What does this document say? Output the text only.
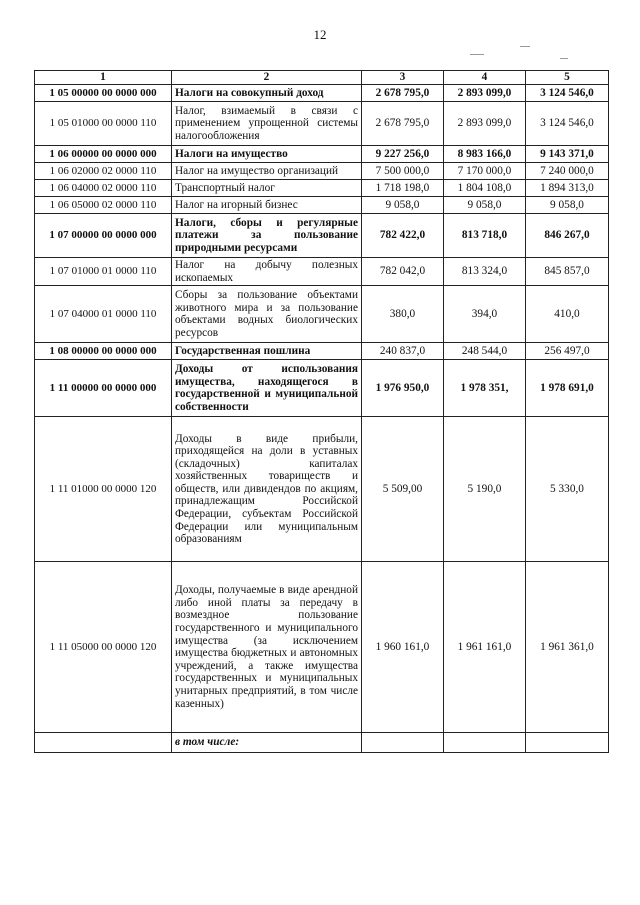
12
1	2	3	4	5
1 05 00000 00 0000 000	Налоги на совокупный доход	2 678 795,0	2 893 099,0	3 124 546,0
1 05 01000 00 0000 110	Налог, взимаемый в связи с применением упрощенной системы налогообложения	2 678 795,0	2 893 099,0	3 124 546,0
1 06 00000 00 0000 000	Налоги на имущество	9 227 256,0	8 983 166,0	9 143 371,0
1 06 02000 02 0000 110	Налог на имущество организаций	7 500 000,0	7 170 000,0	7 240 000,0
1 06 04000 02 0000 110	Транспортный налог	1 718 198,0	1 804 108,0	1 894 313,0
1 06 05000 02 0000 110	Налог на игорный бизнес	9 058,0	9 058,0	9 058,0
1 07 00000 00 0000 000	Налоги, сборы и регулярные платежи за пользование природными ресурсами	782 422,0	813 718,0	846 267,0
1 07 01000 01 0000 110	Налог на добычу полезных ископаемых	782 042,0	813 324,0	845 857,0
1 07 04000 01 0000 110	Сборы за пользование объектами животного мира и за пользование объектами водных биологических ресурсов	380,0	394,0	410,0
1 08 00000 00 0000 000	Государственная пошлина	240 837,0	248 544,0	256 497,0
1 11 00000 00 0000 000	Доходы от использования имущества, находящегося в государственной и муниципальной собственности	1 976 950,0	1 978 351,	1 978 691,0
1 11 01000 00 0000 120	Доходы в виде прибыли, приходящейся на доли в уставных (складочных) капиталах хозяйственных товариществ и обществ, или дивидендов по акциям, принадлежащим Российской Федерации, субъектам Российской Федерации или муниципальным образованиям	5 509,00	5 190,0	5 330,0
1 11 05000 00 0000 120	Доходы, получаемые в виде арендной либо иной платы за передачу в возмездное пользование государственного и муниципального имущества (за исключением имущества бюджетных и автономных учреждений, а также имущества государственных и муниципальных унитарных предприятий, в том числе казенных)	1 960 161,0	1 961 161,0	1 961 361,0
	в том числе:			
